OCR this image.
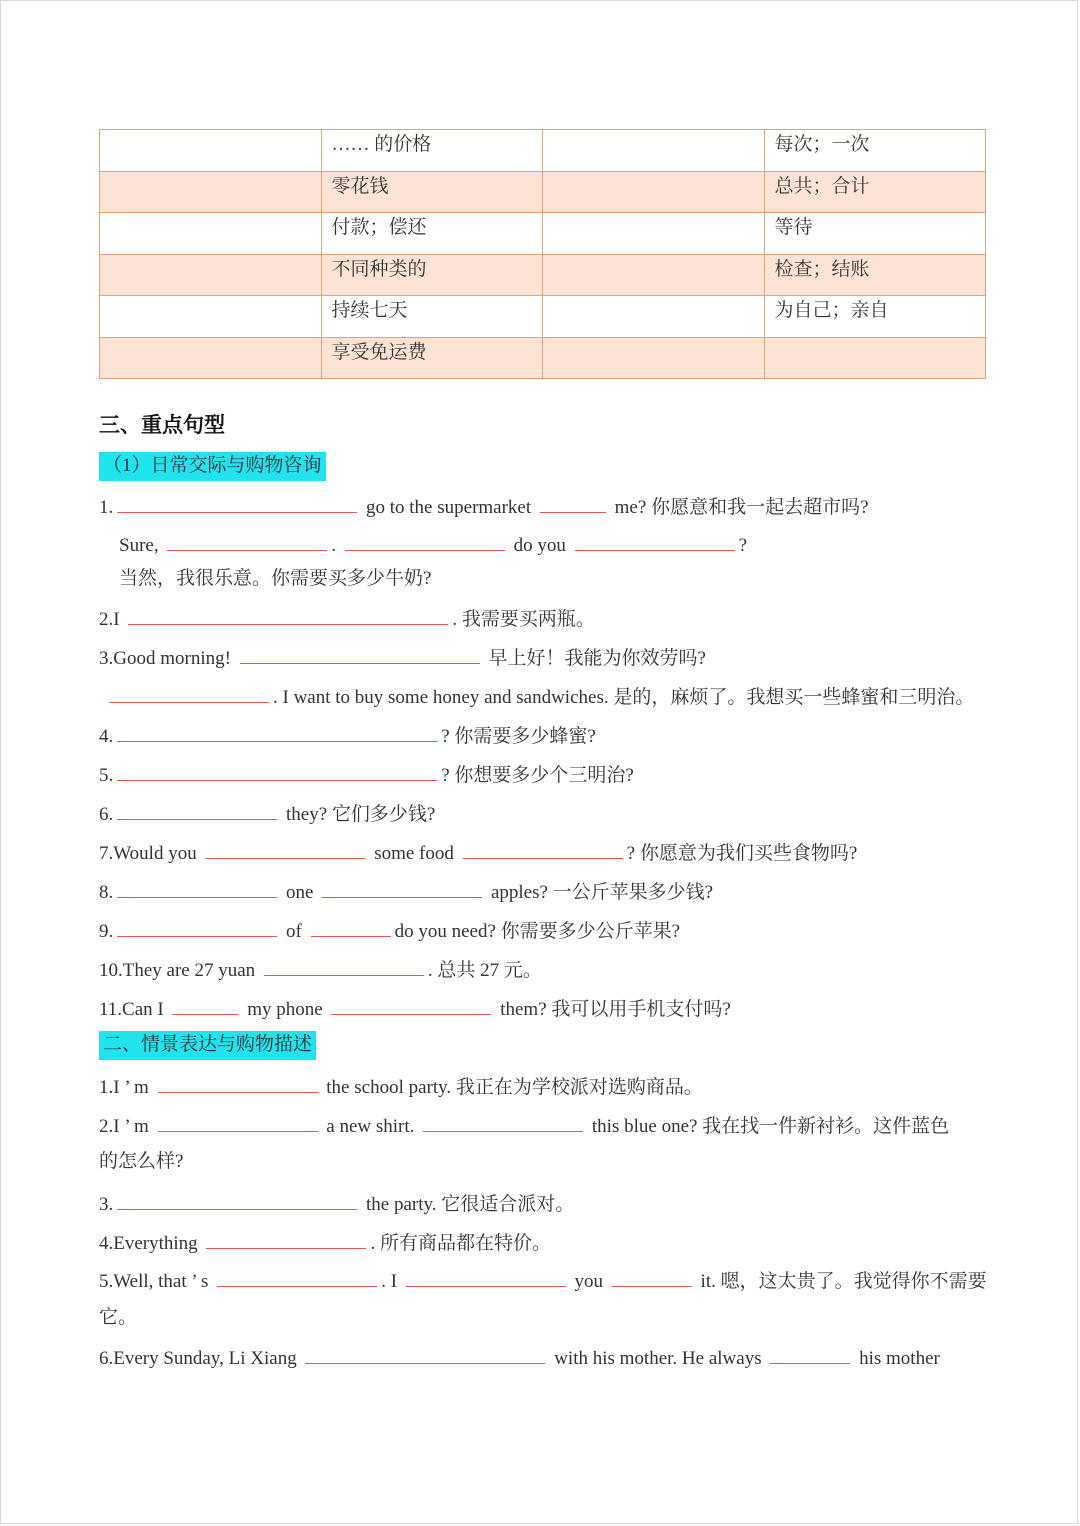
	…… 的价格		每次；一次
	零花钱		总共；合计
	付款；偿还		等待
	不同种类的		检查；结账
	持续七天		为自己；亲自
	享受免运费		
三、重点句型
（1）日常交际与购物咨询
1.	go to the supermarket	me? 你愿意和我一起去超市吗?
Sure,	.	do you	?
当然，我很乐意。你需要买多少牛奶?
2.I	. 我需要买两瓶。
3.Good morning!	早上好！我能为你效劳吗?
. I want to buy some honey and sandwiches. 是的，麻烦了。我想买一些蜂蜜和三明治。
4.	? 你需要多少蜂蜜?
5.	? 你想要多少个三明治?
6.	they? 它们多少钱?
7.Would you	some food	? 你愿意为我们买些食物吗?
8.	one	apples? 一公斤苹果多少钱?
9.	of	do you need? 你需要多少公斤苹果?
10.They are 27 yuan	. 总共 27 元。
11.Can I	my phone	them? 我可以用手机支付吗?
二、情景表达与购物描述
1.I ’ m	the school party. 我正在为学校派对选购商品。
2.I ’ m	a new shirt.	this blue one? 我在找一件新衬衫。这件蓝色
的怎么样?
3.	the party. 它很适合派对。
4.Everything	. 所有商品都在特价。
5.Well, that ’ s	. I	you	it. 嗯，这太贵了。我觉得你不需要
它。
6.Every Sunday, Li Xiang	with his mother. He always	his mother
